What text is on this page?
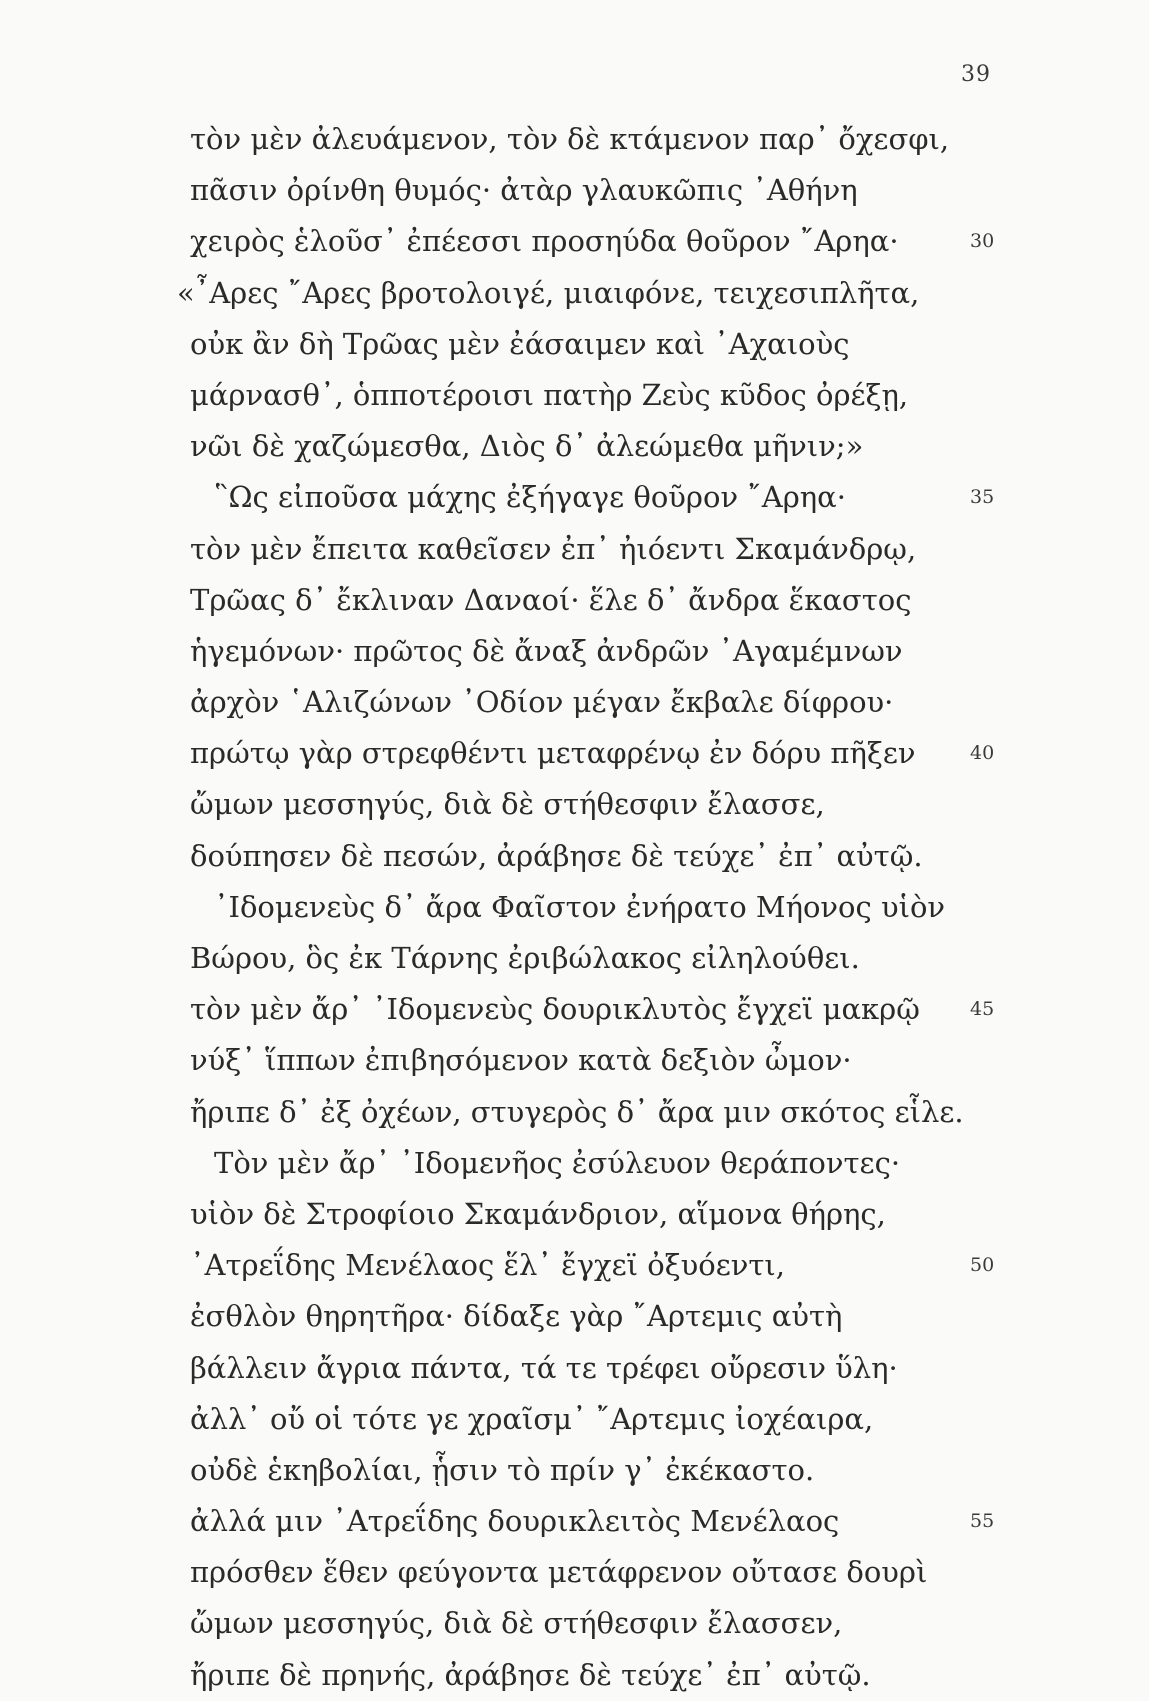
39
τὸν μὲν ἀλευάμενον, τὸν δὲ κτάμενον παρ᾽ ὄχεσφι,
πᾶσιν ὀρίνθη θυμός· ἀτὰρ γλαυκῶπις ᾽Αθήνη
χειρὸς ἑλοῦσ᾽ ἐπέεσσι προσηύδα θοῦρον ῎Αρηα·	30
«῏Αρες ῎Αρες βροτολοιγέ, μιαιφόνε, τειχεσιπλῆτα,
οὐκ ἂν δὴ Τρῶας μὲν ἐάσαιμεν καὶ ᾽Αχαιοὺς
μάρνασθ᾽, ὁπποτέροισι πατὴρ Ζεὺς κῦδος ὀρέξῃ,
νῶι δὲ χαζώμεσθα, Διὸς δ᾽ ἀλεώμεθα μῆνιν;»
῝Ως εἰποῦσα μάχης ἐξήγαγε θοῦρον ῎Αρηα·	35
τὸν μὲν ἔπειτα καθεῖσεν ἐπ᾽ ἠιόεντι Σκαμάνδρῳ,
Τρῶας δ᾽ ἔκλιναν Δαναοί· ἕλε δ᾽ ἄνδρα ἕκαστος
ἡγεμόνων· πρῶτος δὲ ἄναξ ἀνδρῶν ᾽Αγαμέμνων
ἀρχὸν ῾Αλιζώνων ᾽Οδίον μέγαν ἔκβαλε δίφρου·
πρώτῳ γὰρ στρεφθέντι μεταφρένῳ ἐν δόρυ πῆξεν	40
ὤμων μεσσηγύς, διὰ δὲ στήθεσφιν ἔλασσε,
δούπησεν δὲ πεσών, ἀράβησε δὲ τεύχε᾽ ἐπ᾽ αὐτῷ.
᾽Ιδομενεὺς δ᾽ ἄρα Φαῖστον ἐνήρατο Μήονος υἱὸν
Βώρου, ὃς ἐκ Τάρνης ἐριβώλακος εἰληλούθει.
τὸν μὲν ἄρ᾽ ᾽Ιδομενεὺς δουρικλυτὸς ἔγχεϊ μακρῷ	45
νύξ᾽ ἵππων ἐπιβησόμενον κατὰ δεξιὸν ὦμον·
ἤριπε δ᾽ ἐξ ὀχέων, στυγερὸς δ᾽ ἄρα μιν σκότος εἷλε.
Τὸν μὲν ἄρ᾽ ᾽Ιδομενῆος ἐσύλευον θεράποντες·
υἱὸν δὲ Στροφίοιο Σκαμάνδριον, αἵμονα θήρης,
᾽Ατρεΐδης Μενέλαος ἕλ᾽ ἔγχεϊ ὀξυόεντι,	50
ἐσθλὸν θηρητῆρα· δίδαξε γὰρ ῎Αρτεμις αὐτὴ
βάλλειν ἄγρια πάντα, τά τε τρέφει οὔρεσιν ὕλη·
ἀλλ᾽ οὔ οἱ τότε γε χραῖσμ᾽ ῎Αρτεμις ἰοχέαιρα,
οὐδὲ ἑκηβολίαι, ᾗσιν τὸ πρίν γ᾽ ἐκέκαστο.
ἀλλά μιν ᾽Ατρεΐδης δουρικλειτὸς Μενέλαος	55
πρόσθεν ἕθεν φεύγοντα μετάφρενον οὔτασε δουρὶ
ὤμων μεσσηγύς, διὰ δὲ στήθεσφιν ἔλασσεν,
ἤριπε δὲ πρηνής, ἀράβησε δὲ τεύχε᾽ ἐπ᾽ αὐτῷ.
